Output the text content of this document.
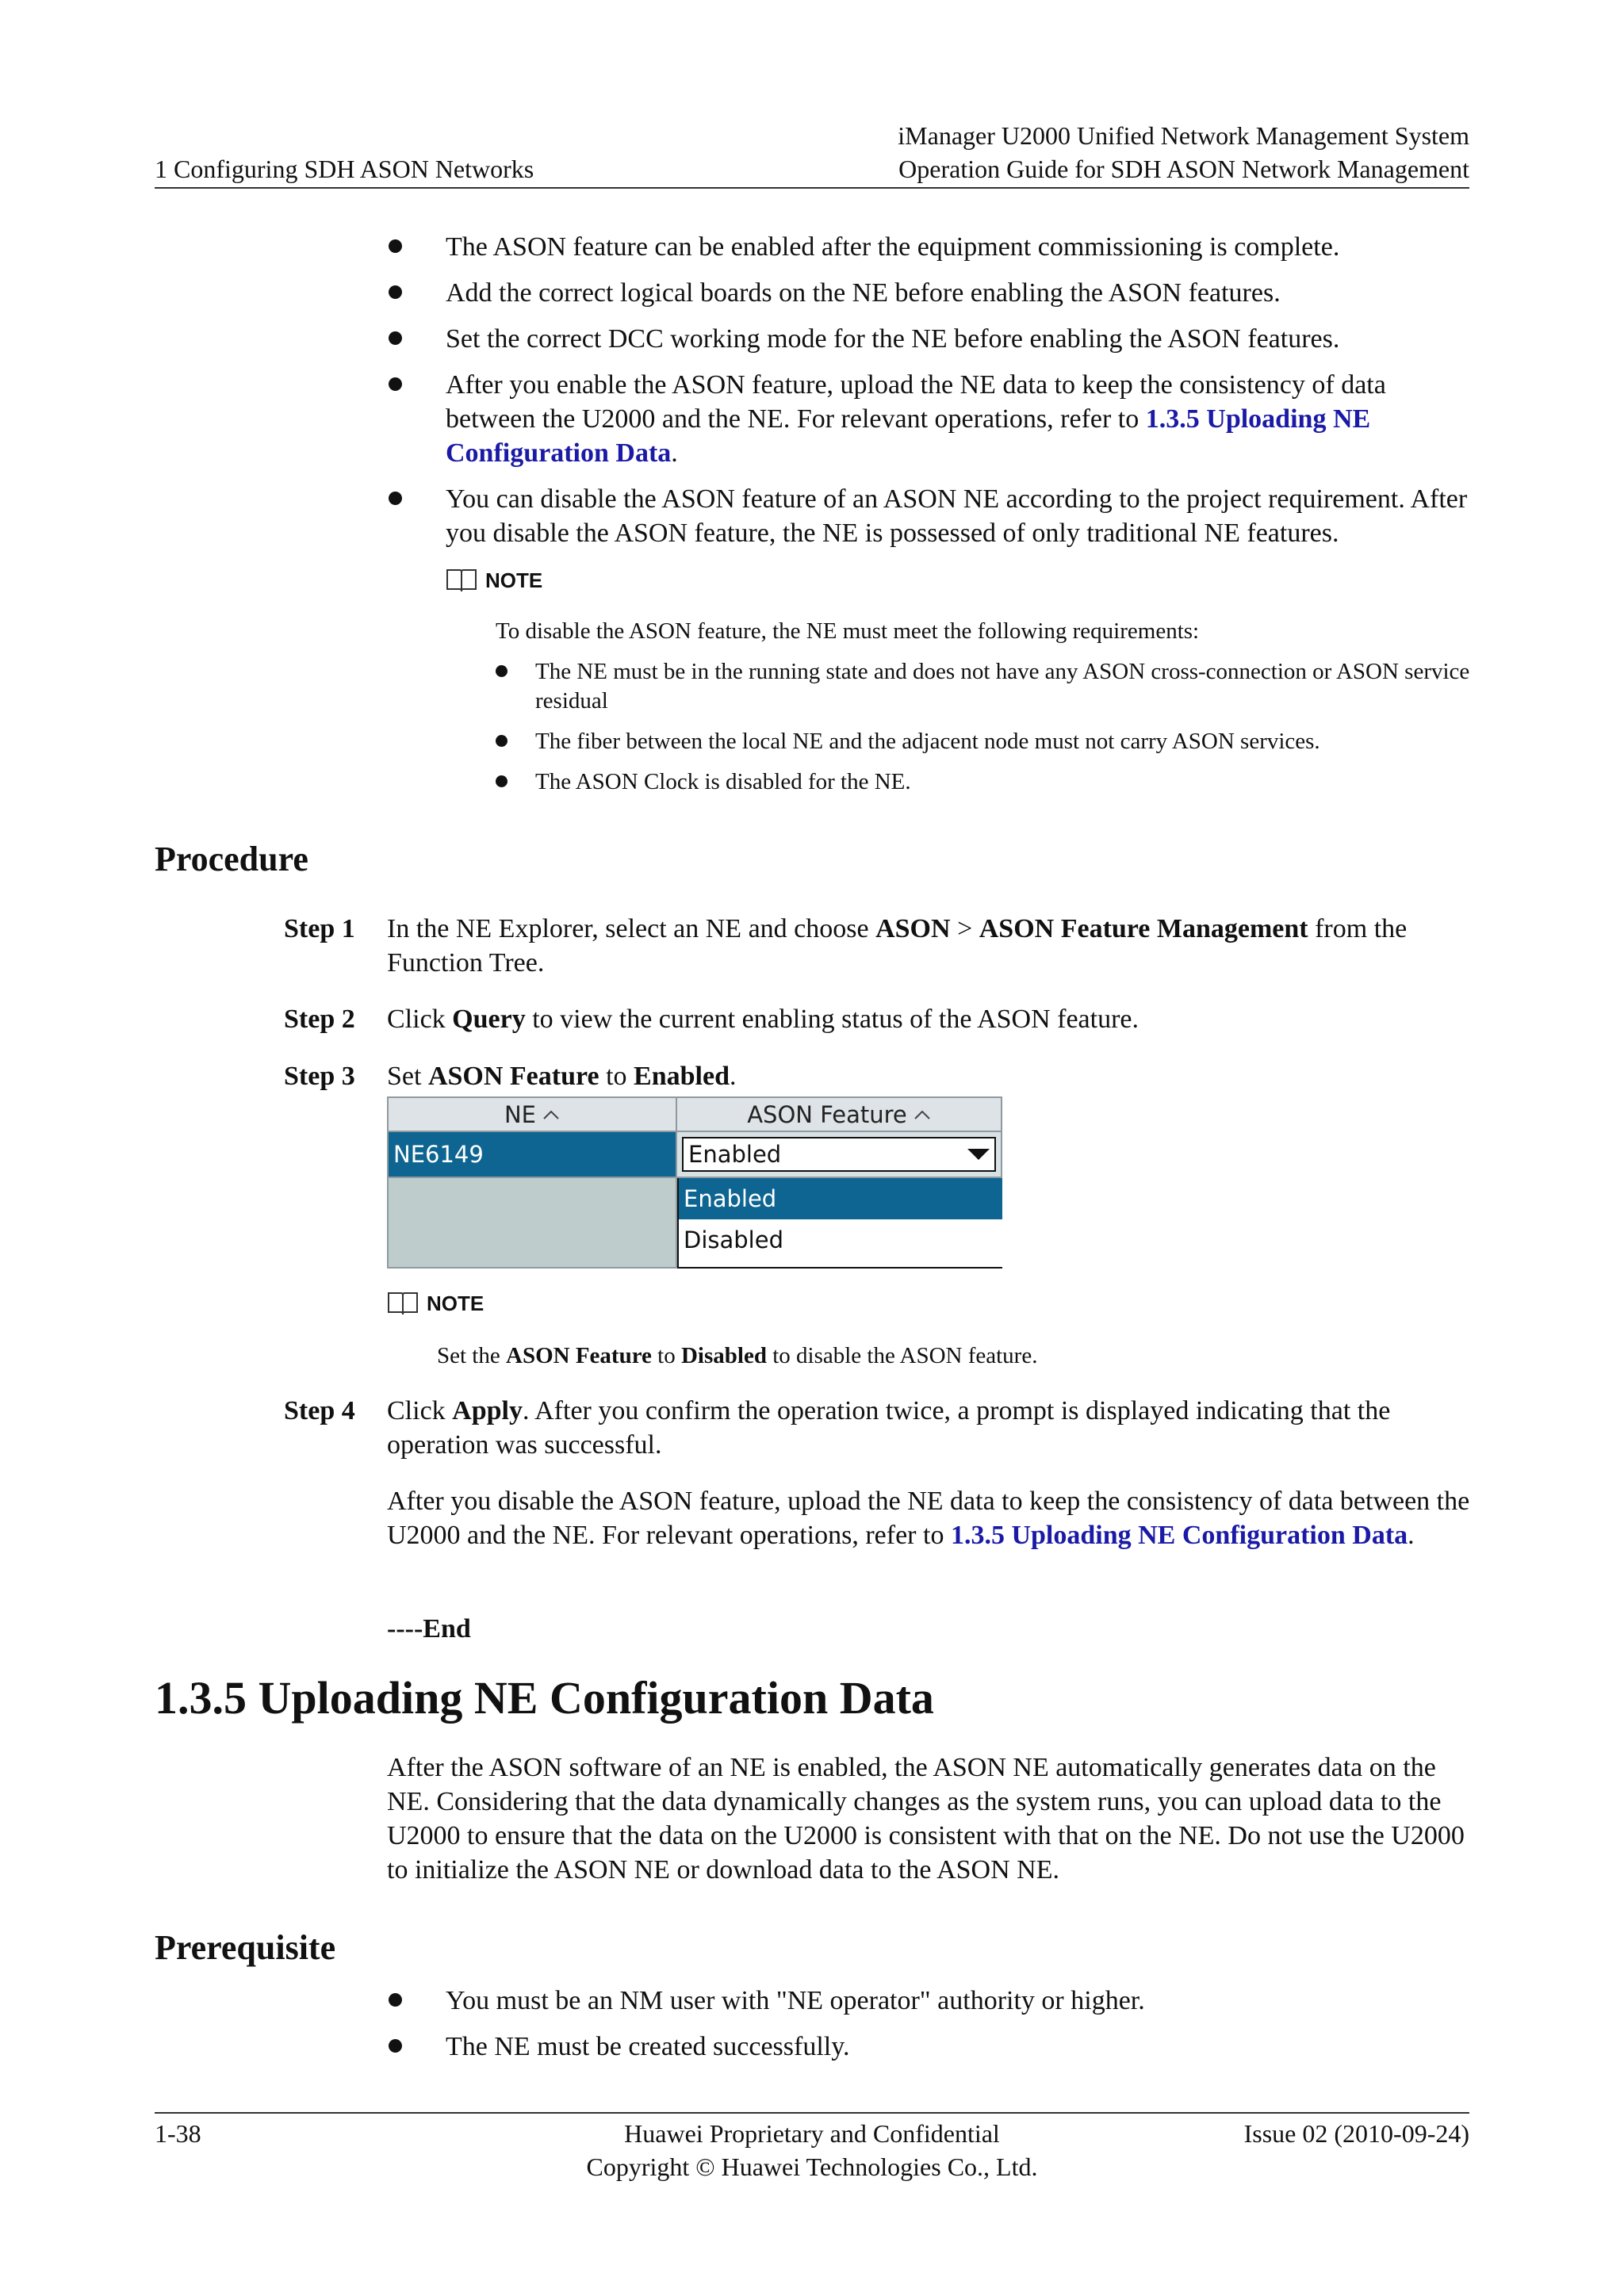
iManager U2000 Unified Network Management System
Operation Guide for SDH ASON Network Management
1 Configuring SDH ASON Networks
The ASON feature can be enabled after the equipment commissioning is complete.
Add the correct logical boards on the NE before enabling the ASON features.
Set the correct DCC working mode for the NE before enabling the ASON features.
After you enable the ASON feature, upload the NE data to keep the consistency of data between the U2000 and the NE. For relevant operations, refer to 1.3.5 Uploading NE Configuration Data.
You can disable the ASON feature of an ASON NE according to the project requirement. After you disable the ASON feature, the NE is possessed of only traditional NE features.
NOTE
To disable the ASON feature, the NE must meet the following requirements:
The NE must be in the running state and does not have any ASON cross-connection or ASON service residual
The fiber between the local NE and the adjacent node must not carry ASON services.
The ASON Clock is disabled for the NE.
Procedure
Step 1 In the NE Explorer, select an NE and choose ASON > ASON Feature Management from the Function Tree.
Step 2 Click Query to view the current enabling status of the ASON feature.
Step 3 Set ASON Feature to Enabled.
NE	ASON Feature
NE6149	Enabled
Enabled
Disabled
NOTE
Set the ASON Feature to Disabled to disable the ASON feature.
Step 4 Click Apply. After you confirm the operation twice, a prompt is displayed indicating that the operation was successful.
After you disable the ASON feature, upload the NE data to keep the consistency of data between the U2000 and the NE. For relevant operations, refer to 1.3.5 Uploading NE Configuration Data.
----End
1.3.5 Uploading NE Configuration Data
After the ASON software of an NE is enabled, the ASON NE automatically generates data on the NE. Considering that the data dynamically changes as the system runs, you can upload data to the U2000 to ensure that the data on the U2000 is consistent with that on the NE. Do not use the U2000 to initialize the ASON NE or download data to the ASON NE.
Prerequisite
You must be an NM user with "NE operator" authority or higher.
The NE must be created successfully.
1-38	Huawei Proprietary and Confidential
Copyright © Huawei Technologies Co., Ltd.
Issue 02 (2010-09-24)
